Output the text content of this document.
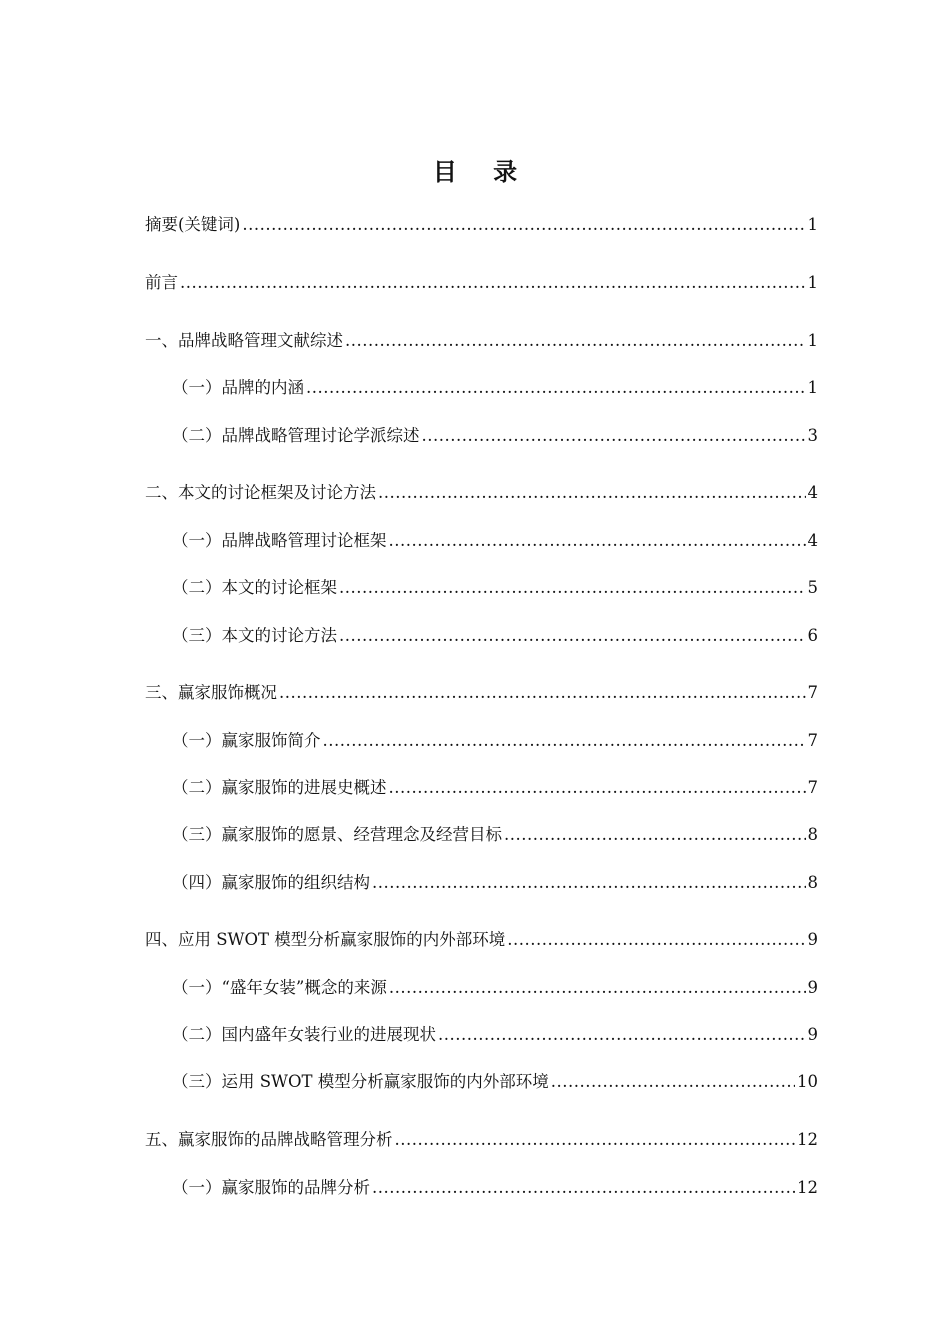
目 录
摘要(关键词) .....	1
前言 .....	1
一、品牌战略管理文献综述 .....	1
（一）品牌的内涵 .....	1
（二）品牌战略管理讨论学派综述 .....	3
二、本文的讨论框架及讨论方法 .....	4
（一）品牌战略管理讨论框架 .....	4
（二）本文的讨论框架 .....	5
（三）本文的讨论方法 .....	6
三、赢家服饰概况 .....	7
（一）赢家服饰简介 .....	7
（二）赢家服饰的进展史概述 .....	7
（三）赢家服饰的愿景、经营理念及经营目标 .....	8
（四）赢家服饰的组织结构 .....	8
四、应用 SWOT 模型分析赢家服饰的内外部环境 .....	9
（一）“盛年女装”概念的来源 .....	9
（二）国内盛年女装行业的进展现状 .....	9
（三）运用 SWOT 模型分析赢家服饰的内外部环境 .....	10
五、赢家服饰的品牌战略管理分析 .....	12
（一）赢家服饰的品牌分析 .....	12
